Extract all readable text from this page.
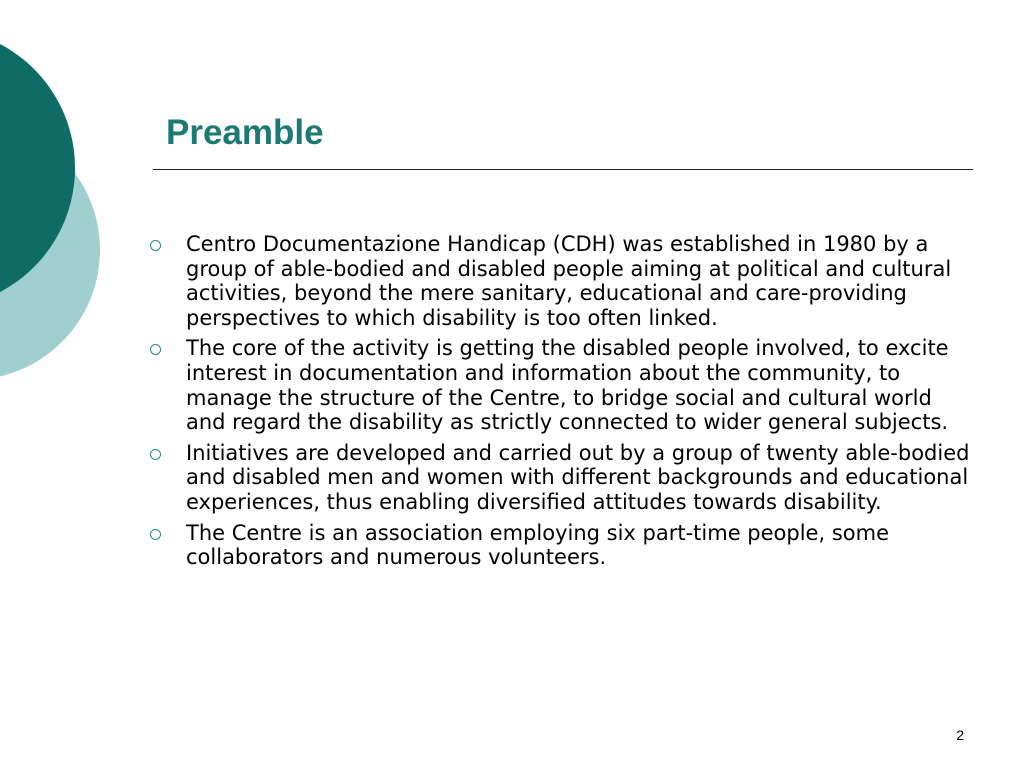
Preamble
Centro Documentazione Handicap (CDH) was established in 1980 by a group of able-bodied and disabled people aiming at political and cultural activities, beyond the mere sanitary, educational and care-providing perspectives to which disability is too often linked.
The core of the activity is getting the disabled people involved, to excite interest in documentation and information about the community, to manage the structure of the Centre, to bridge social and cultural world and regard the disability as strictly connected to wider general subjects.
Initiatives are developed and carried out by a group of twenty able-bodied and disabled men and women with different backgrounds and educational experiences, thus enabling diversified attitudes towards disability.
The Centre is an association employing six part-time people, some collaborators and numerous volunteers.
2
